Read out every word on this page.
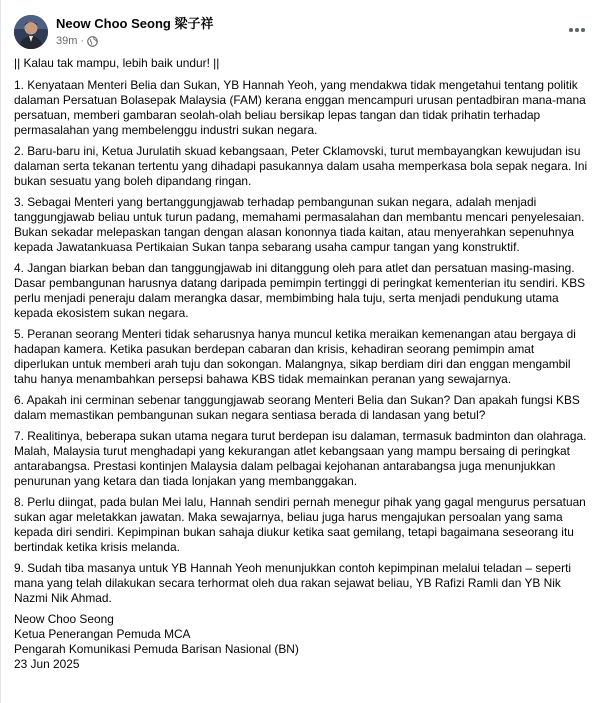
Neow Choo Seong 梁子祥
39m ·

|| Kalau tak mampu, lebih baik undur! ||

1. Kenyataan Menteri Belia dan Sukan, YB Hannah Yeoh, yang mendakwa tidak mengetahui tentang politik dalaman Persatuan Bolasepak Malaysia (FAM) kerana enggan mencampuri urusan pentadbiran mana-mana persatuan, memberi gambaran seolah-olah beliau bersikap lepas tangan dan tidak prihatin terhadap permasalahan yang membelenggu industri sukan negara.

2. Baru-baru ini, Ketua Jurulatih skuad kebangsaan, Peter Cklamovski, turut membayangkan kewujudan isu dalaman serta tekanan tertentu yang dihadapi pasukannya dalam usaha memperkasa bola sepak negara. Ini bukan sesuatu yang boleh dipandang ringan.

3. Sebagai Menteri yang bertanggungjawab terhadap pembangunan sukan negara, adalah menjadi tanggungjawab beliau untuk turun padang, memahami permasalahan dan membantu mencari penyelesaian. Bukan sekadar melepaskan tangan dengan alasan kononnya tiada kaitan, atau menyerahkan sepenuhnya kepada Jawatankuasa Pertikaian Sukan tanpa sebarang usaha campur tangan yang konstruktif.

4. Jangan biarkan beban dan tanggungjawab ini ditanggung oleh para atlet dan persatuan masing-masing. Dasar pembangunan harusnya datang daripada pemimpin tertinggi di peringkat kementerian itu sendiri. KBS perlu menjadi peneraju dalam merangka dasar, membimbing hala tuju, serta menjadi pendukung utama kepada ekosistem sukan negara.

5. Peranan seorang Menteri tidak seharusnya hanya muncul ketika meraikan kemenangan atau bergaya di hadapan kamera. Ketika pasukan berdepan cabaran dan krisis, kehadiran seorang pemimpin amat diperlukan untuk memberi arah tuju dan sokongan. Malangnya, sikap berdiam diri dan enggan mengambil tahu hanya menambahkan persepsi bahawa KBS tidak memainkan peranan yang sewajarnya.

6. Apakah ini cerminan sebenar tanggungjawab seorang Menteri Belia dan Sukan? Dan apakah fungsi KBS dalam memastikan pembangunan sukan negara sentiasa berada di landasan yang betul?

7. Realitinya, beberapa sukan utama negara turut berdepan isu dalaman, termasuk badminton dan olahraga. Malah, Malaysia turut menghadapi yang kekurangan atlet kebangsaan yang mampu bersaing di peringkat antarabangsa. Prestasi kontinjen Malaysia dalam pelbagai kejohanan antarabangsa juga menunjukkan penurunan yang ketara dan tiada lonjakan yang membanggakan.

8. Perlu diingat, pada bulan Mei lalu, Hannah sendiri pernah menegur pihak yang gagal mengurus persatuan sukan agar meletakkan jawatan. Maka sewajarnya, beliau juga harus mengajukan persoalan yang sama kepada diri sendiri. Kepimpinan bukan sahaja diukur ketika saat gemilang, tetapi bagaimana seseorang itu bertindak ketika krisis melanda.

9. Sudah tiba masanya untuk YB Hannah Yeoh menunjukkan contoh kepimpinan melalui teladan – seperti mana yang telah dilakukan secara terhormat oleh dua rakan sejawat beliau, YB Rafizi Ramli dan YB Nik Nazmi Nik Ahmad.

Neow Choo Seong
Ketua Penerangan Pemuda MCA
Pengarah Komunikasi Pemuda Barisan Nasional (BN)
23 Jun 2025
